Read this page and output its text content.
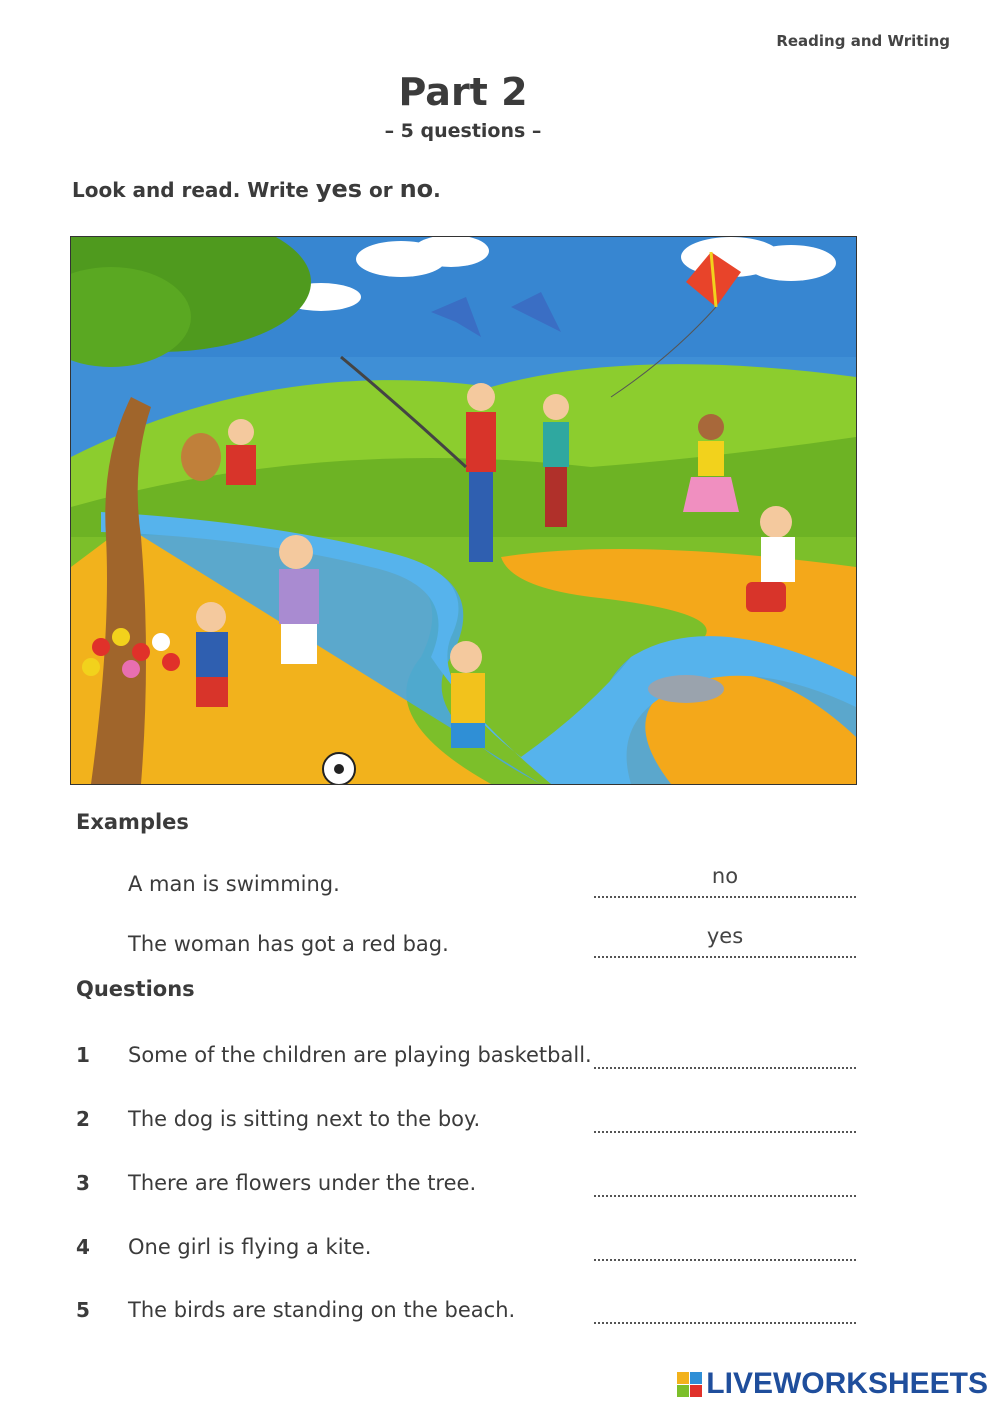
Reading and Writing
Part 2
– 5 questions –
Look and read. Write yes or no.
Examples
A man is swimming.	no
The woman has got a red bag.	yes
Questions
1	Some of the children are playing basketball.
2	The dog is sitting next to the boy.
3	There are flowers under the tree.
4	One girl is flying a kite.
5	The birds are standing on the beach.
LIVEWORKSHEETS
